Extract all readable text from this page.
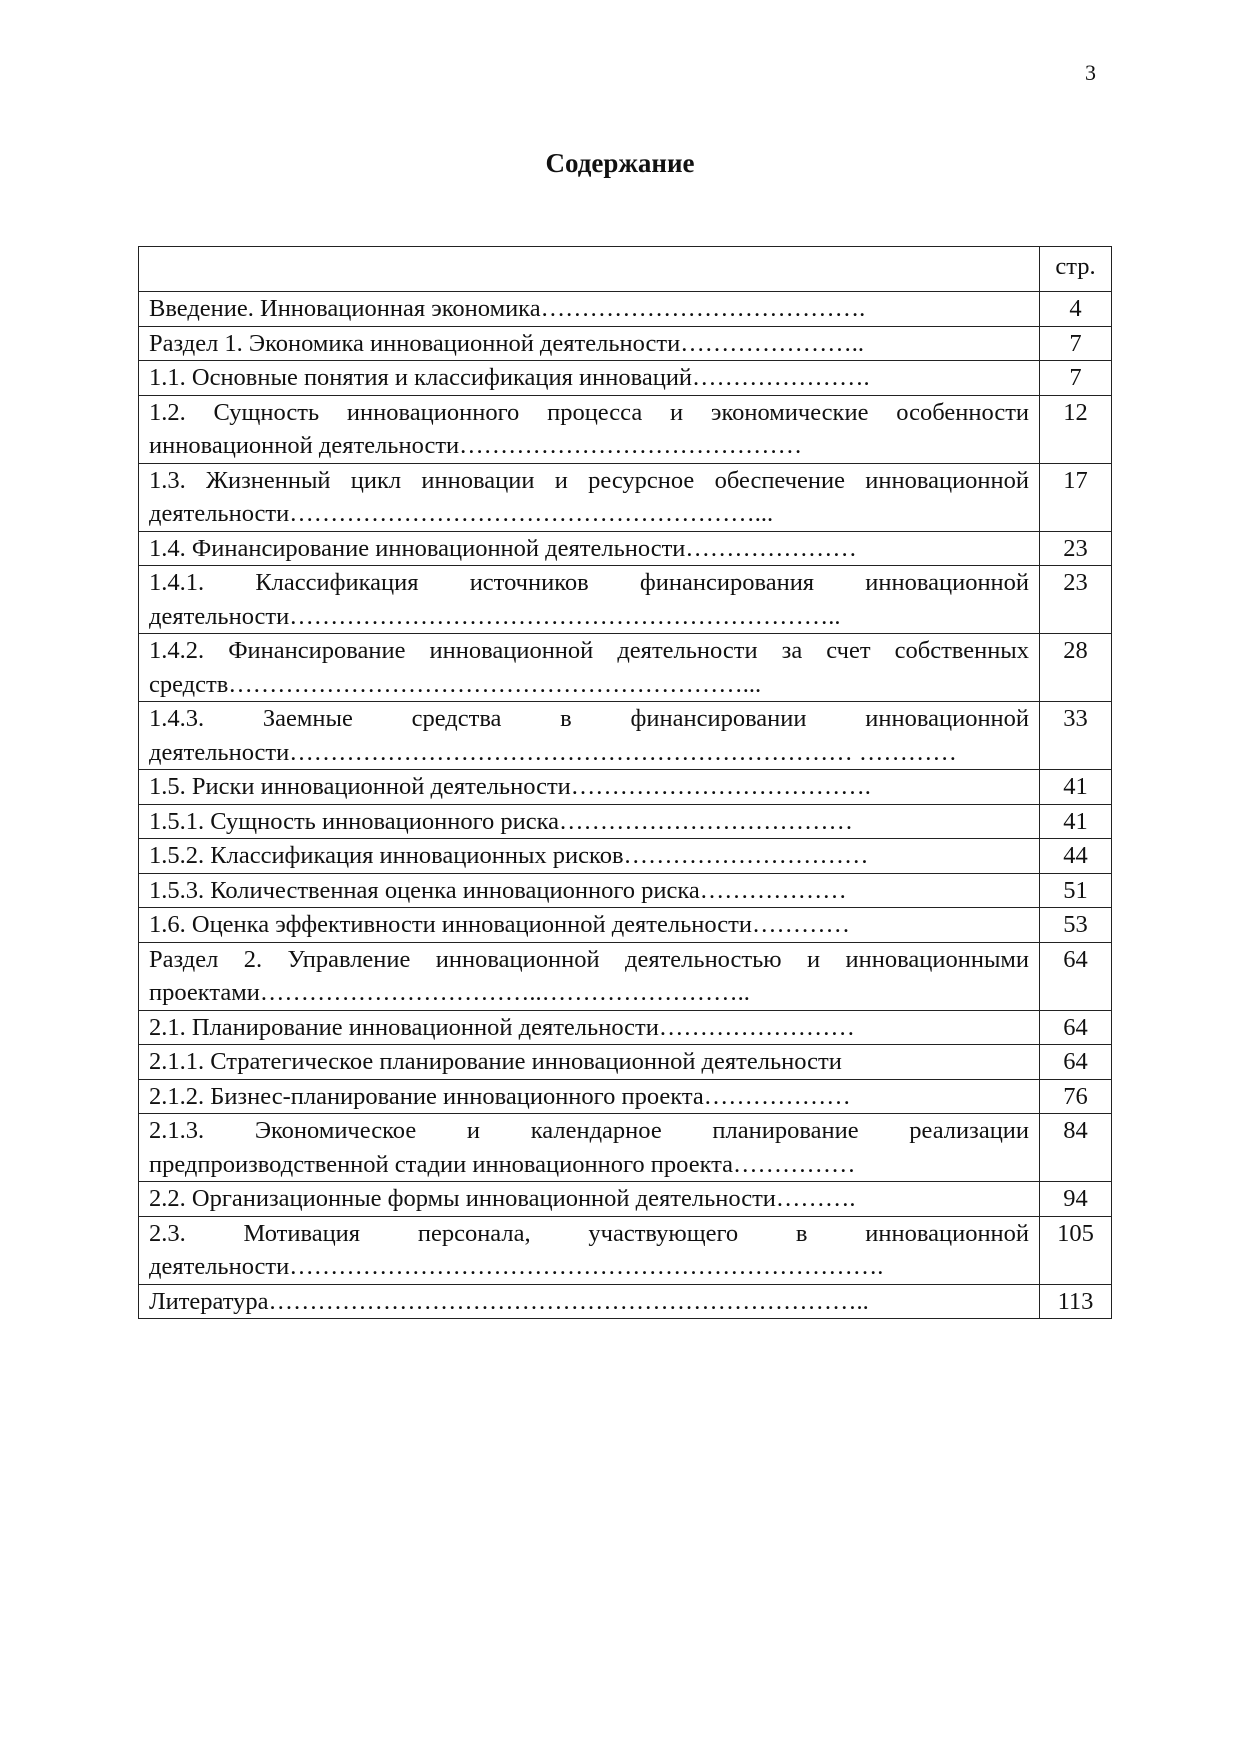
3
Содержание
	стр.
Введение. Инновационная экономика………………………………….	4
Раздел 1. Экономика инновационной деятельности…………………..	7
1.1. Основные понятия и классификация инноваций………………….	7
1.2. Сущность инновационного процесса и экономические особенности инновационной деятельности……………………………………	12
1.3. Жизненный цикл инновации и ресурсное обеспечение инновационной деятельности…………………………………………………...	17
1.4. Финансирование инновационной деятельности…………………	23
1.4.1. Классификация источников финансирования инновационной деятельности…………………………………………………………..	23
1.4.2. Финансирование инновационной деятельности за счет собственных средств………………………………………………………...	28
1.4.3. Заемные средства в финансировании инновационной деятельности…………………………………………………………… …………	33
1.5. Риски инновационной деятельности……………………………….	41
1.5.1. Сущность инновационного риска………………………………	41
1.5.2. Классификация инновационных рисков…………………………	44
1.5.3. Количественная оценка инновационного риска………………	51
1.6. Оценка эффективности инновационной деятельности…………	53
Раздел 2. Управление инновационной деятельностью и инновационными проектами……………………………..……………………..	64
2.1. Планирование инновационной деятельности……………………	64
2.1.1. Стратегическое планирование инновационной деятельности	64
2.1.2. Бизнес-планирование инновационного проекта………………	76
2.1.3. Экономическое и календарное планирование реализации предпроизводственной стадии инновационного проекта……………	84
2.2. Организационные формы инновационной деятельности……….	94
2.3. Мотивация персонала, участвующего в инновационной деятельности……………………………………………………………….	105
Литература………………………………………………………………..	113
